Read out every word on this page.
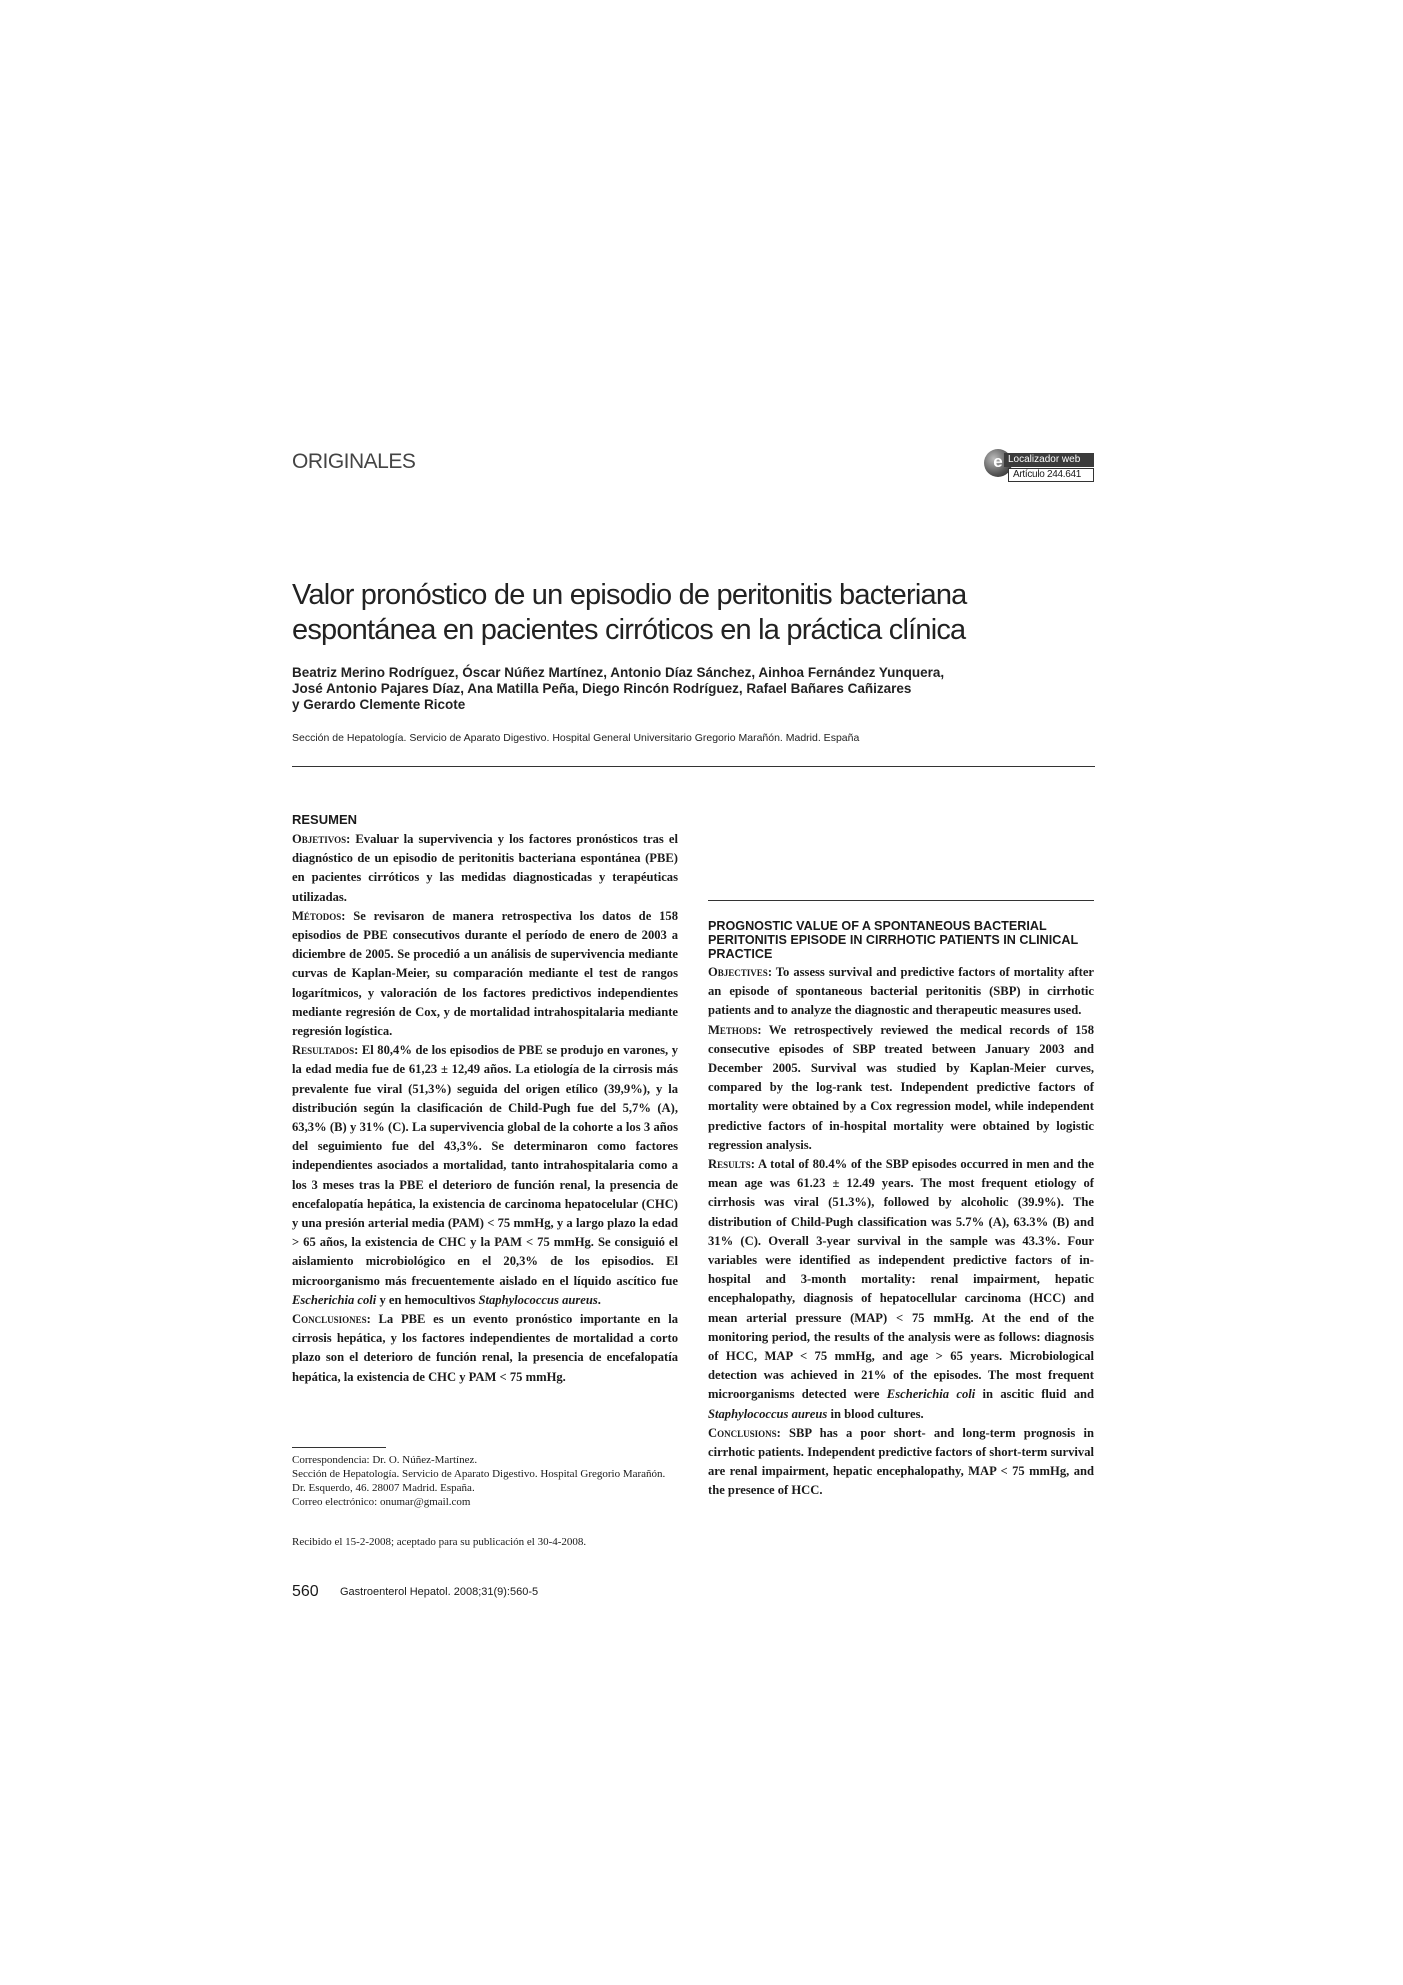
ORIGINALES	e Localizador web
Artículo 244.641
Valor pronóstico de un episodio de peritonitis bacteriana espontánea en pacientes cirróticos en la práctica clínica
Beatriz Merino Rodríguez, Óscar Núñez Martínez, Antonio Díaz Sánchez, Ainhoa Fernández Yunquera,
José Antonio Pajares Díaz, Ana Matilla Peña, Diego Rincón Rodríguez, Rafael Bañares Cañizares
y Gerardo Clemente Ricote
Sección de Hepatología. Servicio de Aparato Digestivo. Hospital General Universitario Gregorio Marañón. Madrid. España
RESUMEN

Objetivos: Evaluar la supervivencia y los factores pronósticos tras el diagnóstico de un episodio de peritonitis bacteriana espontánea (PBE) en pacientes cirróticos y las medidas diagnosticadas y terapéuticas utilizadas.

Métodos: Se revisaron de manera retrospectiva los datos de 158 episodios de PBE consecutivos durante el período de enero de 2003 a diciembre de 2005. Se procedió a un análisis de supervivencia mediante curvas de Kaplan-Meier, su comparación mediante el test de rangos logarítmicos, y valoración de los factores predictivos independientes mediante regresión de Cox, y de mortalidad intrahospitalaria mediante regresión logística.

Resultados: El 80,4% de los episodios de PBE se produjo en varones, y la edad media fue de 61,23 ± 12,49 años. La etiología de la cirrosis más prevalente fue viral (51,3%) seguida del origen etílico (39,9%), y la distribución según la clasificación de Child-Pugh fue del 5,7% (A), 63,3% (B) y 31% (C). La supervivencia global de la cohorte a los 3 años del seguimiento fue del 43,3%. Se determinaron como factores independientes asociados a mortalidad, tanto intrahospitalaria como a los 3 meses tras la PBE el deterioro de función renal, la presencia de encefalopatía hepática, la existencia de carcinoma hepatocelular (CHC) y una presión arterial media (PAM) < 75 mmHg, y a largo plazo la edad > 65 años, la existencia de CHC y la PAM < 75 mmHg. Se consiguió el aislamiento microbiológico en el 20,3% de los episodios. El microorganismo más frecuentemente aislado en el líquido ascítico fue Escherichia coli y en hemocultivos Staphylococcus aureus.

Conclusiones: La PBE es un evento pronóstico importante en la cirrosis hepática, y los factores independientes de mortalidad a corto plazo son el deterioro de función renal, la presencia de encefalopatía hepática, la existencia de CHC y PAM < 75 mmHg.

PROGNOSTIC VALUE OF A SPONTANEOUS BACTERIAL PERITONITIS EPISODE IN CIRRHOTIC PATIENTS IN CLINICAL PRACTICE

Objectives: To assess survival and predictive factors of mortality after an episode of spontaneous bacterial peritonitis (SBP) in cirrhotic patients and to analyze the diagnostic and therapeutic measures used.

Methods: We retrospectively reviewed the medical records of 158 consecutive episodes of SBP treated between January 2003 and December 2005. Survival was studied by Kaplan-Meier curves, compared by the log-rank test. Independent predictive factors of mortality were obtained by a Cox regression model, while independent predictive factors of in-hospital mortality were obtained by logistic regression analysis.

Results: A total of 80.4% of the SBP episodes occurred in men and the mean age was 61.23 ± 12.49 years. The most frequent etiology of cirrhosis was viral (51.3%), followed by alcoholic (39.9%). The distribution of Child-Pugh classification was 5.7% (A), 63.3% (B) and 31% (C). Overall 3-year survival in the sample was 43.3%. Four variables were identified as independent predictive factors of in-hospital and 3-month mortality: renal impairment, hepatic encephalopathy, diagnosis of hepatocellular carcinoma (HCC) and mean arterial pressure (MAP) < 75 mmHg. At the end of the monitoring period, the results of the analysis were as follows: diagnosis of HCC, MAP < 75 mmHg, and age > 65 years. Microbiological detection was achieved in 21% of the episodes. The most frequent microorganisms detected were Escherichia coli in ascitic fluid and Staphylococcus aureus in blood cultures.

Conclusions: SBP has a poor short- and long-term prognosis in cirrhotic patients. Independent predictive factors of short-term survival are renal impairment, hepatic encephalopathy, MAP < 75 mmHg, and the presence of HCC.

Correspondencia: Dr. O. Núñez-Martínez.

Sección de Hepatología. Servicio de Aparato Digestivo. Hospital Gregorio Marañón.

Dr. Esquerdo, 46. 28007 Madrid. España.

Correo electrónico: onumar@gmail.com

Recibido el 15-2-2008; aceptado para su publicación el 30-4-2008.
560 Gastroenterol Hepatol. 2008;31(9):560-5
